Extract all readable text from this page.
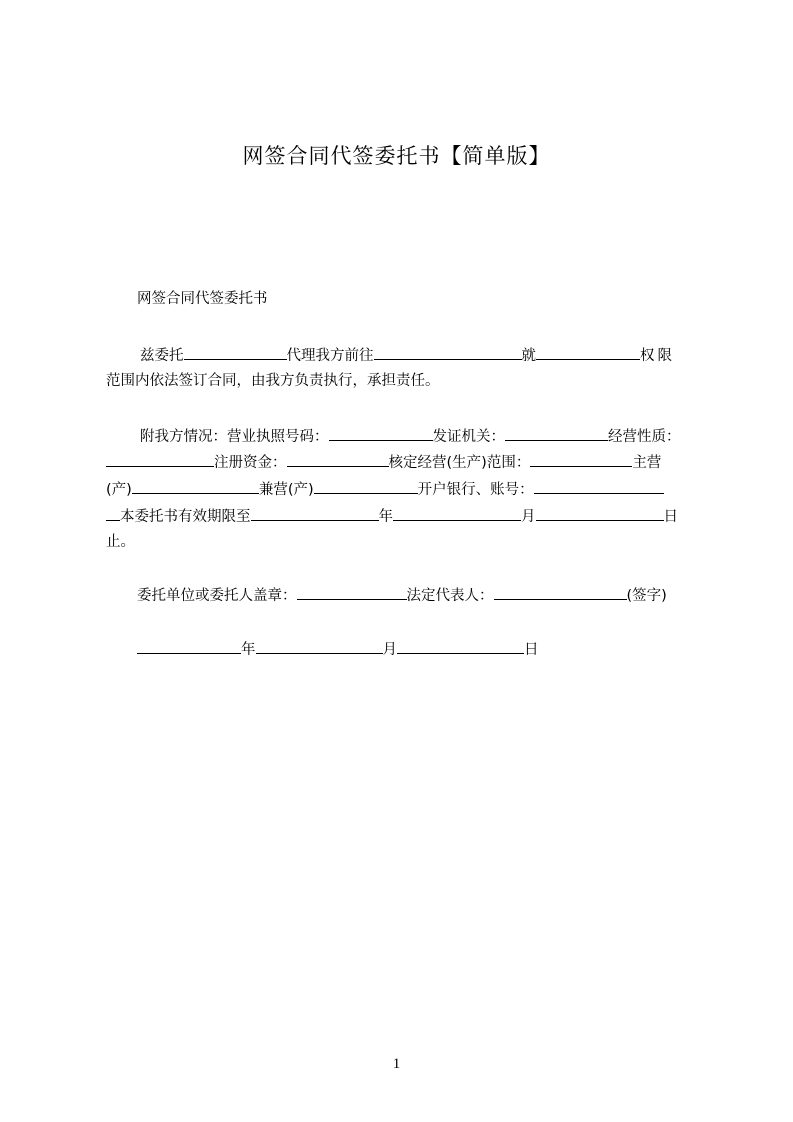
网签合同代签委托书【简单版】
网签合同代签委托书
兹委托	代理我方前往	就	权限
范围内依法签订合同，由我方负责执行，承担责任。
附我方情况：营业执照号码：	发证机关：	经营性质：
注册资金：	核定经营(生产)范围：	主营
(产)	兼营(产)	开户银行、账号：
本委托书有效期限至	年	月	日
止。
委托单位或委托人盖章：	法定代表人：	(签字)
年	月	日
1
